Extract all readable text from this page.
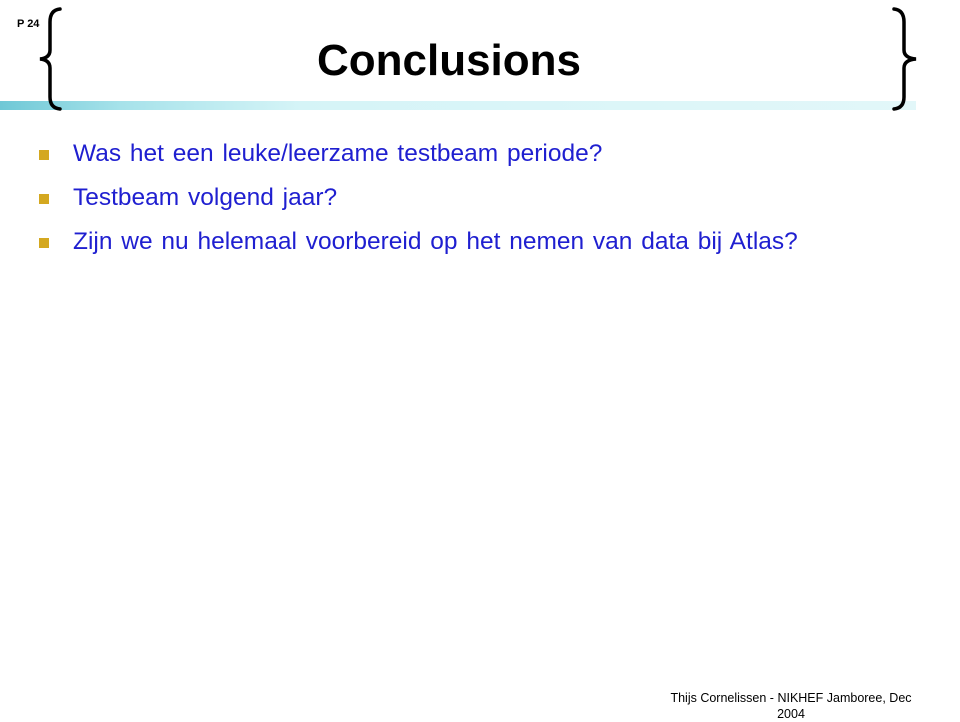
P 24
Conclusions
Was het een leuke/leerzame testbeam periode?
Testbeam volgend jaar?
Zijn we nu helemaal voorbereid op het nemen van data bij Atlas?
Thijs Cornelissen - NIKHEF Jamboree, Dec 2004
